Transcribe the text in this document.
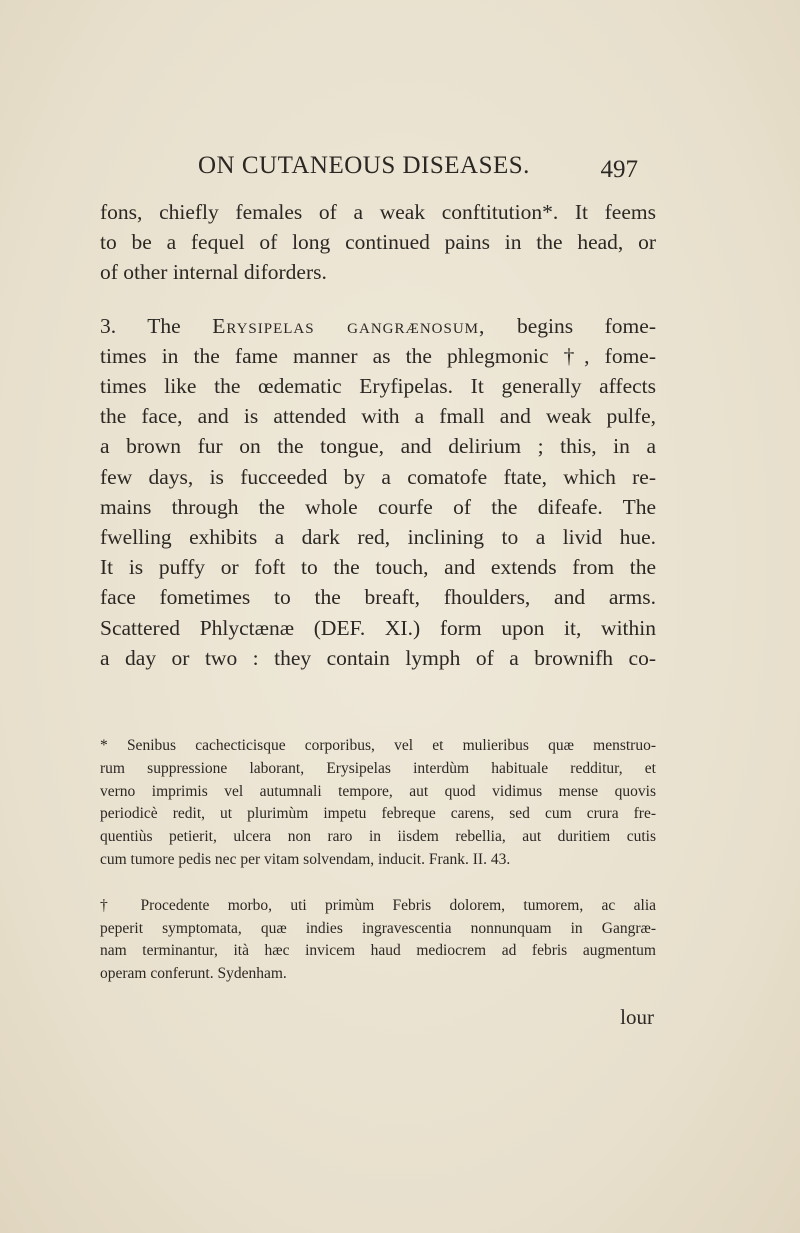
ON CUTANEOUS DISEASES.	497
fons, chiefly females of a weak conftitution*. It feems
to be a fequel of long continued pains in the head, or
of other internal diforders.
3. The Erysipelas gangrænosum, begins fome-
times in the fame manner as the phlegmonic †, fome-
times like the œdematic Eryfipelas. It generally affects
the face, and is attended with a fmall and weak pulfe,
a brown fur on the tongue, and delirium ; this, in a
few days, is fucceeded by a comatofe ftate, which re-
mains through the whole courfe of the difeafe. The
fwelling exhibits a dark red, inclining to a livid hue.
It is puffy or foft to the touch, and extends from the
face fometimes to the breaft, fhoulders, and arms.
Scattered Phlyctænæ (DEF. XI.) form upon it, within
a day or two : they contain lymph of a brownifh co-
* Senibus cachecticisque corporibus, vel et mulieribus quæ menstruo-
rum suppressione laborant, Erysipelas interdùm habituale redditur, et
verno imprimis vel autumnali tempore, aut quod vidimus mense quovis
periodicè redit, ut plurimùm impetu febreque carens, sed cum crura fre-
quentiùs petierit, ulcera non raro in iisdem rebellia, aut duritiem cutis
cum tumore pedis nec per vitam solvendam, inducit. Frank. II. 43.
† Procedente morbo, uti primùm Febris dolorem, tumorem, ac alia
peperit symptomata, quæ indies ingravescentia nonnunquam in Gangræ-
nam terminantur, ità hæc invicem haud mediocrem ad febris augmentum
operam conferunt. Sydenham.
lour
